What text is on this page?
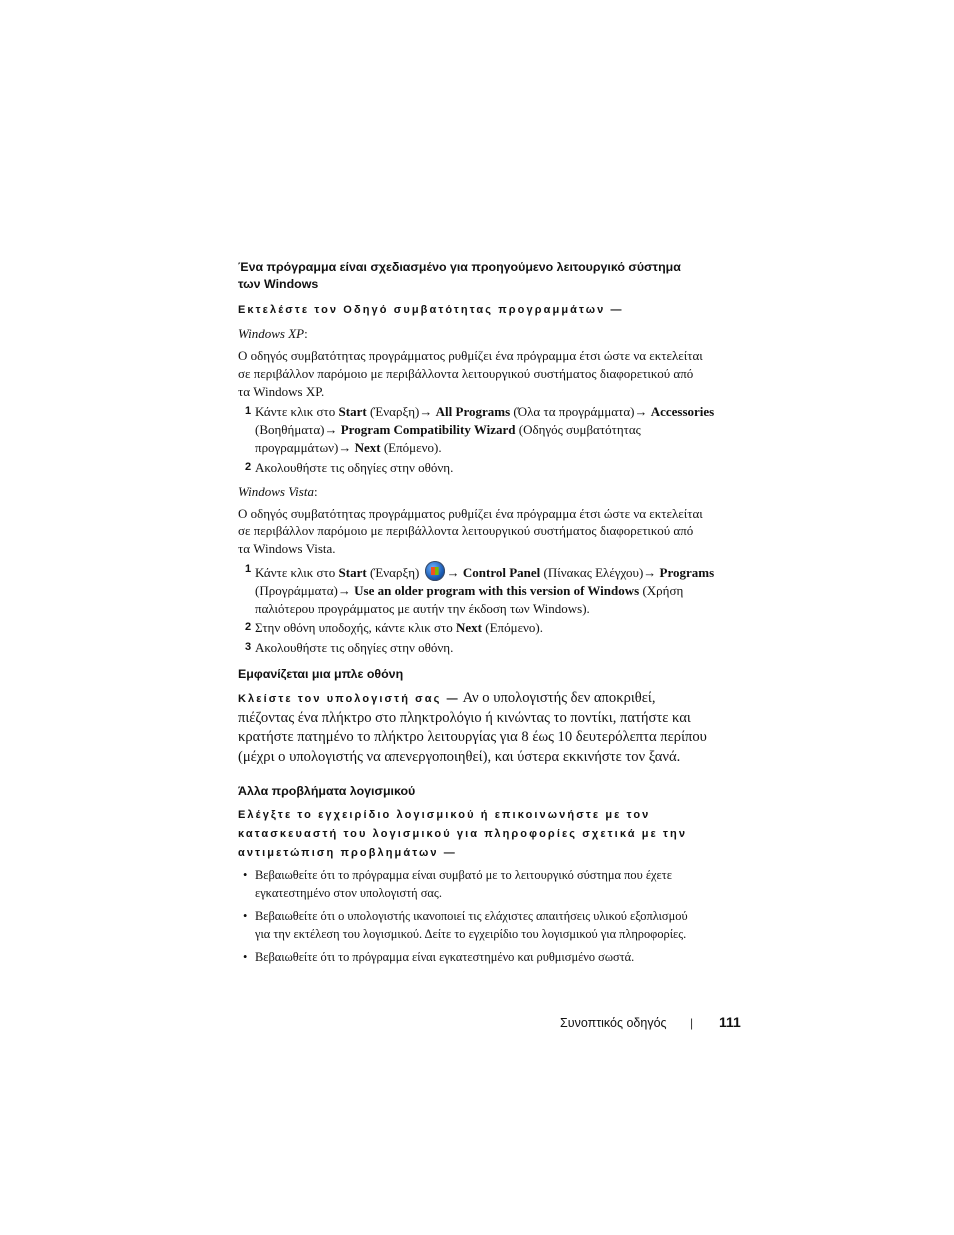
Ένα πρόγραμμα είναι σχεδιασμένο για προηγούμενο λειτουργικό σύστημα
των Windows

Εκτελέστε τον Οδηγό συμβατότητας προγραμμάτων —

Windows XP:

Ο οδηγός συμβατότητας προγράμματος ρυθμίζει ένα πρόγραμμα έτσι ώστε να εκτελείται
σε περιβάλλον παρόμοιο με περιβάλλοντα λειτουργικού συστήματος διαφορετικού από
τα Windows XP.

1 Κάντε κλικ στο Start (Έναρξη)→ All Programs (Όλα τα προγράμματα)→ Accessories
(Βοηθήματα)→ Program Compatibility Wizard (Οδηγός συμβατότητας
προγραμμάτων)→ Next (Επόμενο).
2 Ακολουθήστε τις οδηγίες στην οθόνη.

Windows Vista:

Ο οδηγός συμβατότητας προγράμματος ρυθμίζει ένα πρόγραμμα έτσι ώστε να εκτελείται
σε περιβάλλον παρόμοιο με περιβάλλοντα λειτουργικού συστήματος διαφορετικού από
τα Windows Vista.

1 Κάντε κλικ στο Start (Έναρξη) → Control Panel (Πίνακας Ελέγχου)→ Programs
(Προγράμματα)→ Use an older program with this version of Windows (Χρήση
παλιότερου προγράμματος με αυτήν την έκδοση των Windows).
2 Στην οθόνη υποδοχής, κάντε κλικ στο Next (Επόμενο).
3 Ακολουθήστε τις οδηγίες στην οθόνη.

Εμφανίζεται μια μπλε οθόνη

Κλείστε τον υπολογιστή σας — Αν ο υπολογιστής δεν αποκριθεί,
πιέζοντας ένα πλήκτρο στο πληκτρολόγιο ή κινώντας το ποντίκι, πατήστε και
κρατήστε πατημένο το πλήκτρο λειτουργίας για 8 έως 10 δευτερόλεπτα περίπου
(μέχρι ο υπολογιστής να απενεργοποιηθεί), και ύστερα εκκινήστε τον ξανά.

Άλλα προβλήματα λογισμικού

Ελέγξτε το εγχειρίδιο λογισμικού ή επικοινωνήστε με τον
κατασκευαστή του λογισμικού για πληροφορίες σχετικά με την
αντιμετώπιση προβλημάτων —

• Βεβαιωθείτε ότι το πρόγραμμα είναι συμβατό με το λειτουργικό σύστημα που έχετε
εγκατεστημένο στον υπολογιστή σας.
• Βεβαιωθείτε ότι ο υπολογιστής ικανοποιεί τις ελάχιστες απαιτήσεις υλικού εξοπλισμού
για την εκτέλεση του λογισμικού. Δείτε το εγχειρίδιο του λογισμικού για πληροφορίες.
• Βεβαιωθείτε ότι το πρόγραμμα είναι εγκατεστημένο και ρυθμισμένο σωστά.
Συνοπτικός οδηγός | 111
